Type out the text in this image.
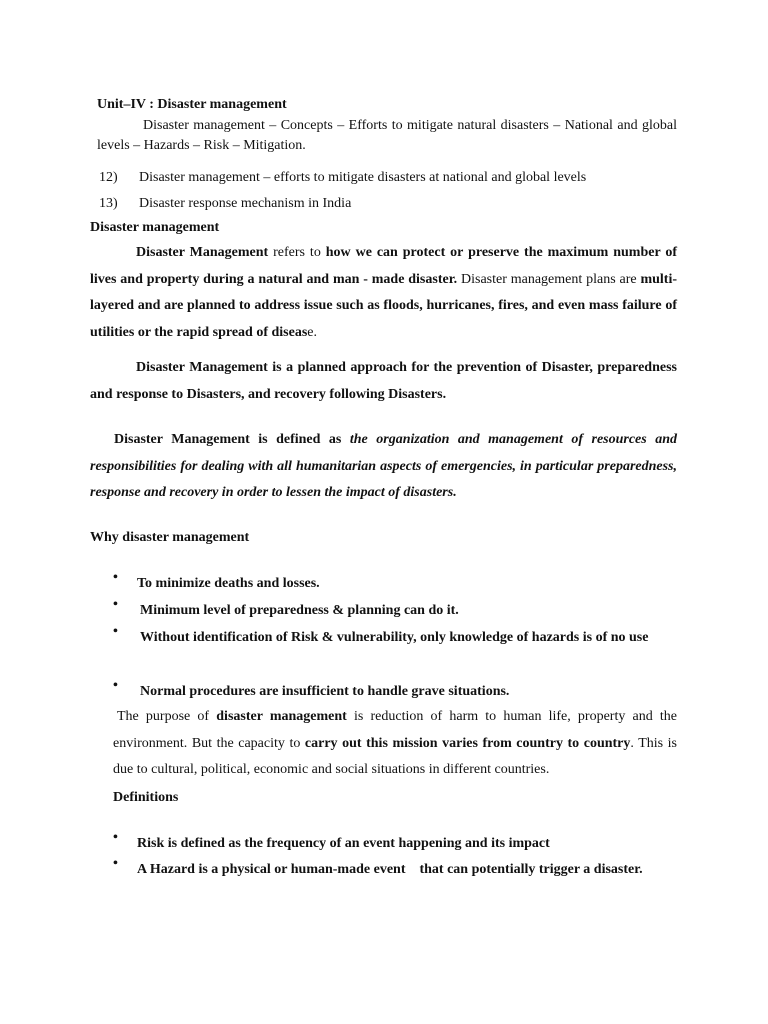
Unit–IV : Disaster management
Disaster management – Concepts – Efforts to mitigate natural disasters – National and global levels – Hazards – Risk – Mitigation.
12) Disaster management – efforts to mitigate disasters at national and global levels
13) Disaster response mechanism in India
Disaster management
Disaster Management refers to how we can protect or preserve the maximum number of lives and property during a natural and man - made disaster. Disaster management plans are multi-layered and are planned to address issue such as floods, hurricanes, fires, and even mass failure of utilities or the rapid spread of disease.
Disaster Management is a planned approach for the prevention of Disaster, preparedness and response to Disasters, and recovery following Disasters.
Disaster Management is defined as the organization and management of resources and responsibilities for dealing with all humanitarian aspects of emergencies, in particular preparedness, response and recovery in order to lessen the impact of disasters.
Why disaster management
•	To minimize deaths and losses.
•	Minimum level of preparedness & planning can do it.
•	Without identification of Risk & vulnerability, only knowledge of hazards is of no use
•	Normal procedures are insufficient to handle grave situations.
The purpose of disaster management is reduction of harm to human life, property and the environment. But the capacity to carry out this mission varies from country to country. This is due to cultural, political, economic and social situations in different countries.
Definitions
•	Risk is defined as the frequency of an event happening and its impact
•	A Hazard is a physical or human-made event    that can potentially trigger a disaster.
